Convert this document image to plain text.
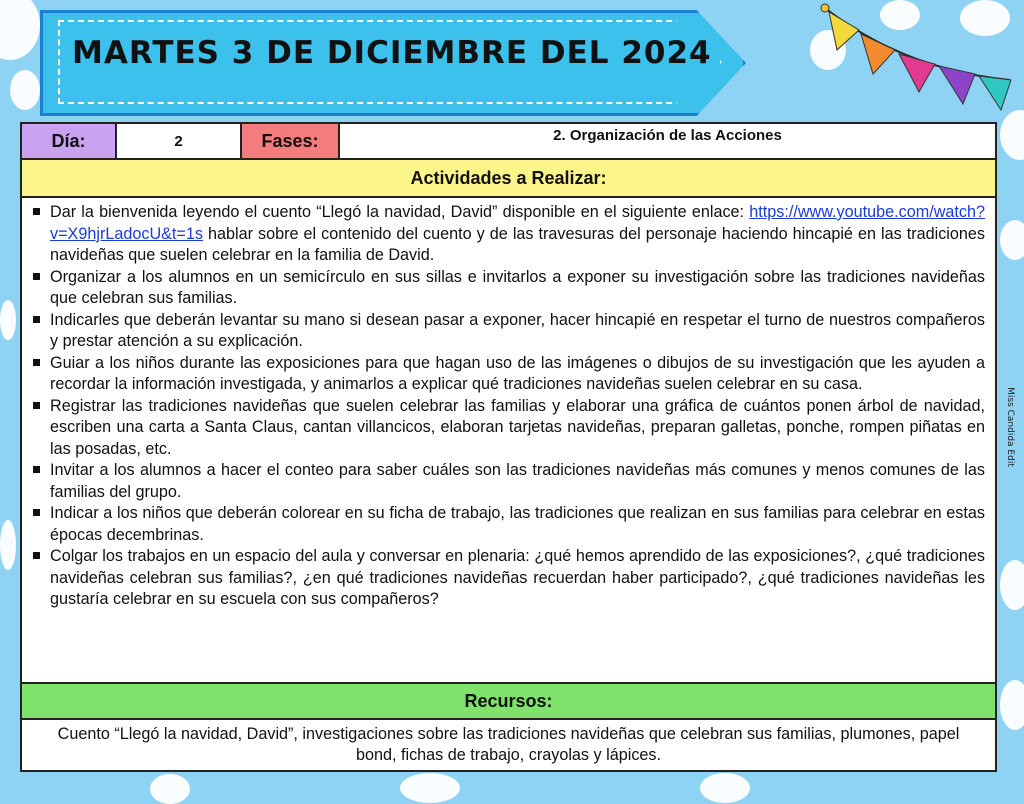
MARTES 3 DE DICIEMBRE DEL 2024
Día:	2	Fases:	2. Organización de las Acciones
Actividades a Realizar:
Dar la bienvenida leyendo el cuento “Llegó la navidad, David” disponible en el siguiente enlace: https://www.youtube.com/watch?v=X9hjrLadocU&t=1s hablar sobre el contenido del cuento y de las travesuras del personaje haciendo hincapié en las tradiciones navideñas que suelen celebrar en la familia de David.
Organizar a los alumnos en un semicírculo en sus sillas e invitarlos a exponer su investigación sobre las tradiciones navideñas que celebran sus familias.
Indicarles que deberán levantar su mano si desean pasar a exponer, hacer hincapié en respetar el turno de nuestros compañeros y prestar atención a su explicación.
Guiar a los niños durante las exposiciones para que hagan uso de las imágenes o dibujos de su investigación que les ayuden a recordar la información investigada, y animarlos a explicar qué tradiciones navideñas suelen celebrar en su casa.
Registrar las tradiciones navideñas que suelen celebrar las familias y elaborar una gráfica de cuántos ponen árbol de navidad, escriben una carta a Santa Claus, cantan villancicos, elaboran tarjetas navideñas, preparan galletas, ponche, rompen piñatas en las posadas, etc.
Invitar a los alumnos a hacer el conteo para saber cuáles son las tradiciones navideñas más comunes y menos comunes de las familias del grupo.
Indicar a los niños que deberán colorear en su ficha de trabajo, las tradiciones que realizan en sus familias para celebrar en estas épocas decembrinas.
Colgar los trabajos en un espacio del aula y conversar en plenaria: ¿qué hemos aprendido de las exposiciones?, ¿qué tradiciones navideñas celebran sus familias?, ¿en qué tradiciones navideñas recuerdan haber participado?, ¿qué tradiciones navideñas les gustaría celebrar en su escuela con sus compañeros?
Recursos:
Cuento “Llegó la navidad, David”, investigaciones sobre las tradiciones navideñas que celebran sus familias, plumones, papel bond, fichas de trabajo, crayolas y lápices.
Miss Candida Edit
